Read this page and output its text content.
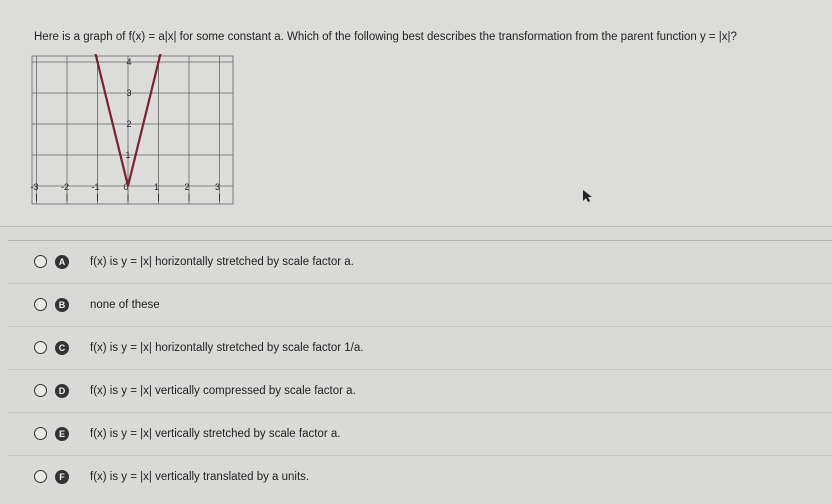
Here is a graph of f(x) = a|x| for some constant a. Which of the following best describes the transformation from the parent function y = |x|?
-3 -2 -1	0	1	2	3
1
2
3
4
A	f(x) is y = |x| horizontally stretched by scale factor a.
B	none of these
C	f(x) is y = |x| horizontally stretched by scale factor 1/a.
D	f(x) is y = |x| vertically compressed by scale factor a.
E	f(x) is y = |x| vertically stretched by scale factor a.
F	f(x) is y = |x| vertically translated by a units.
